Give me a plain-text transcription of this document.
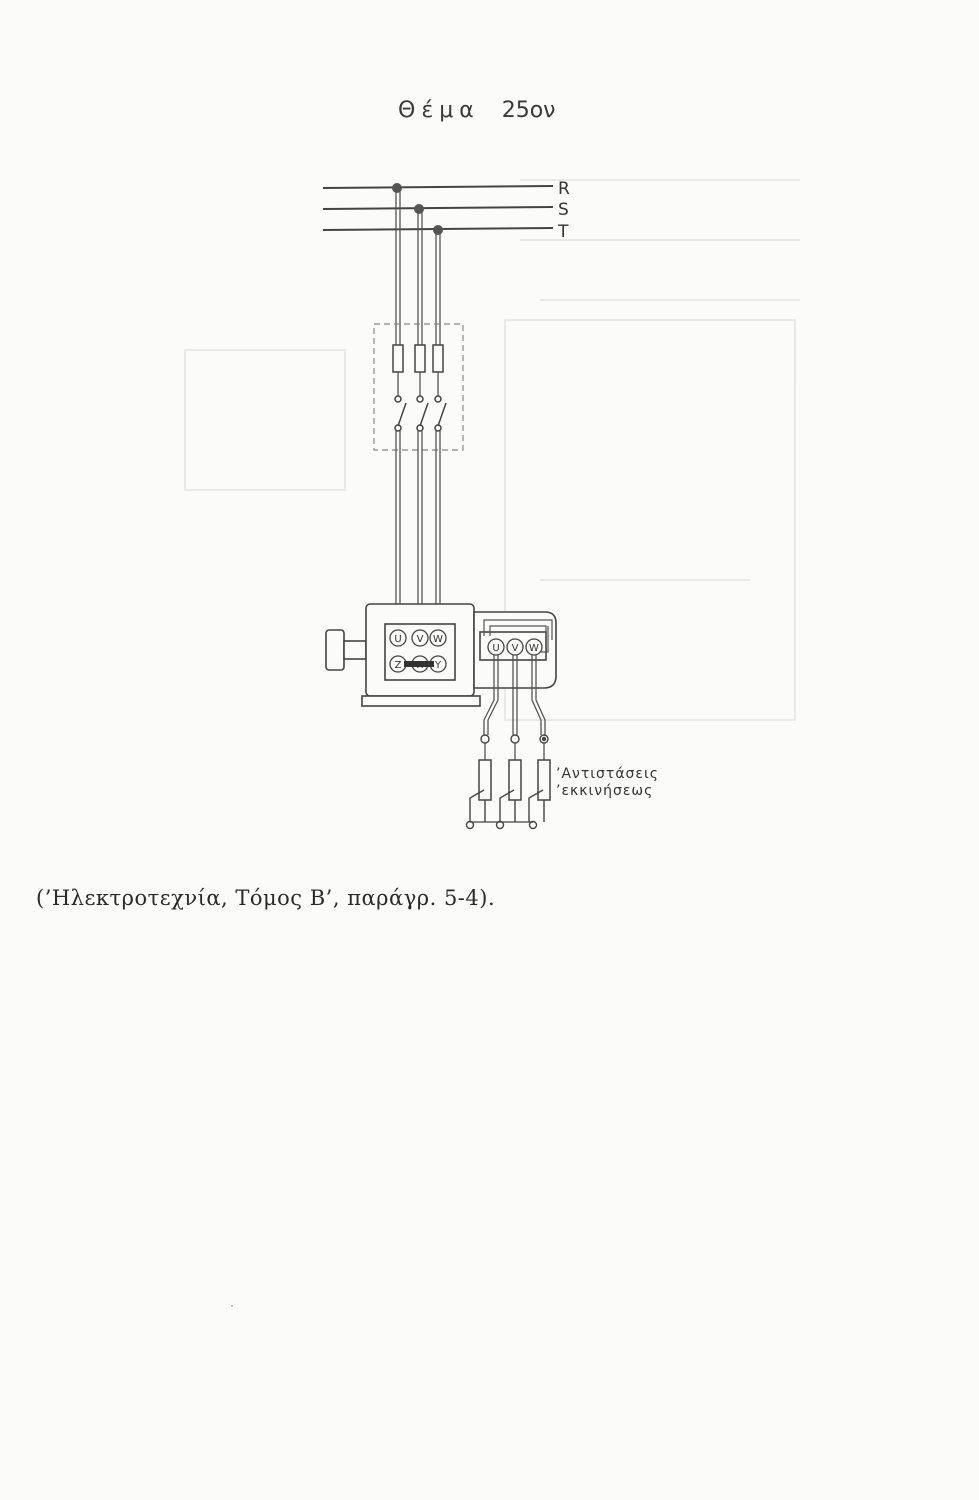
Θέμα 25ον
R
S
T
U V W
Z X Y
U V W
’Αντιστάσεις
’εκκινήσεως
(’Ηλεκτροτεχνία, Τόμος Β’, παράγρ. 5-4).
